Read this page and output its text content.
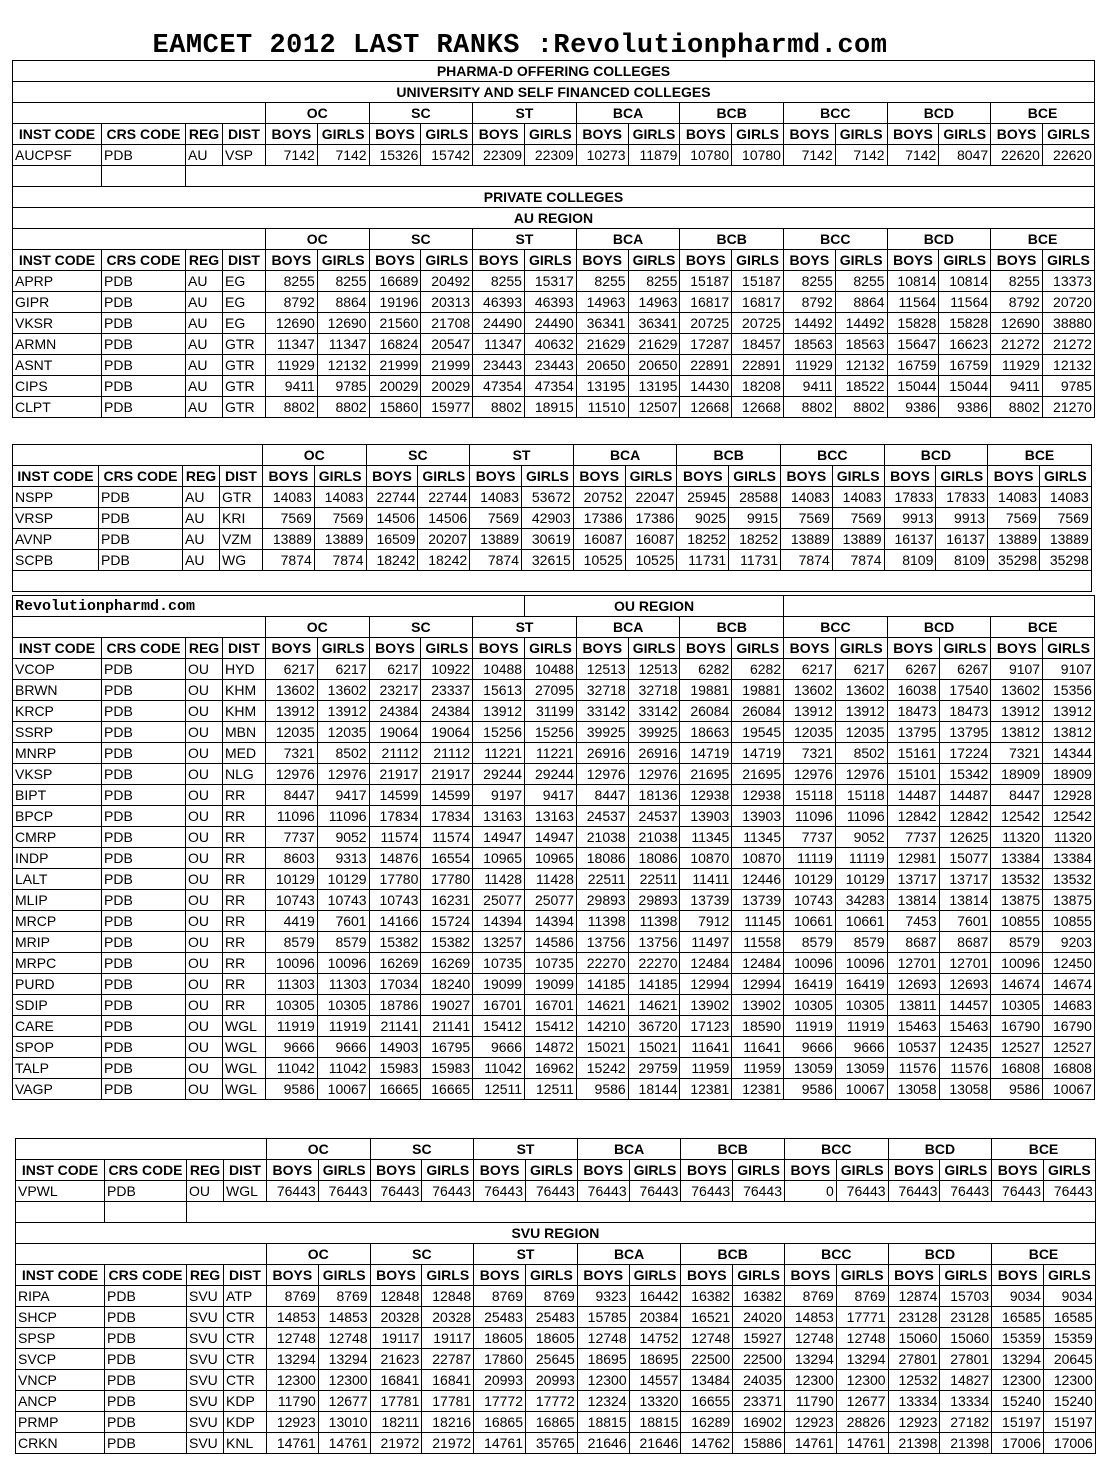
EAMCET 2012 LAST RANKS :Revolutionpharmd.com
PHARMA-D OFFERING COLLEGES																			
UNIVERSITY AND SELF FINANCED COLLEGES																			
				OC		SC		ST		BCA		BCB		BCC		BCD		BCE	
INST CODE	CRS CODE	REG	DIST	BOYS	GIRLS	BOYS	GIRLS	BOYS	GIRLS	BOYS	GIRLS	BOYS	GIRLS	BOYS	GIRLS	BOYS	GIRLS	BOYS	GIRLS
AUCPSF	PDB	AU	VSP	7142	7142	15326	15742	22309	22309	10273	11879	10780	10780	7142	7142	7142	8047	22620	22620

PRIVATE COLLEGES																			
AU REGION																			
				OC		SC		ST		BCA		BCB		BCC		BCD		BCE	
INST CODE	CRS CODE	REG	DIST	BOYS	GIRLS	BOYS	GIRLS	BOYS	GIRLS	BOYS	GIRLS	BOYS	GIRLS	BOYS	GIRLS	BOYS	GIRLS	BOYS	GIRLS
APRP	PDB	AU	EG	8255	8255	16689	20492	8255	15317	8255	8255	15187	15187	8255	8255	10814	10814	8255	13373
GIPR	PDB	AU	EG	8792	8864	19196	20313	46393	46393	14963	14963	16817	16817	8792	8864	11564	11564	8792	20720
VKSR	PDB	AU	EG	12690	12690	21560	21708	24490	24490	36341	36341	20725	20725	14492	14492	15828	15828	12690	38880
ARMN	PDB	AU	GTR	11347	11347	16824	20547	11347	40632	21629	21629	17287	18457	18563	18563	15647	16623	21272	21272
ASNT	PDB	AU	GTR	11929	12132	21999	21999	23443	23443	20650	20650	22891	22891	11929	12132	16759	16759	11929	12132
CIPS	PDB	AU	GTR	9411	9785	20029	20029	47354	47354	13195	13195	14430	18208	9411	18522	15044	15044	9411	9785
CLPT	PDB	AU	GTR	8802	8802	15860	15977	8802	18915	11510	12507	12668	12668	8802	8802	9386	9386	8802	21270
				OC		SC		ST		BCA		BCB		BCC		BCD		BCE	
INST CODE	CRS CODE	REG	DIST	BOYS	GIRLS	BOYS	GIRLS	BOYS	GIRLS	BOYS	GIRLS	BOYS	GIRLS	BOYS	GIRLS	BOYS	GIRLS	BOYS	GIRLS
NSPP	PDB	AU	GTR	14083	14083	22744	22744	14083	53672	20752	22047	25945	28588	14083	14083	17833	17833	14083	14083
VRSP	PDB	AU	KRI	7569	7569	14506	14506	7569	42903	17386	17386	9025	9915	7569	7569	9913	9913	7569	7569
AVNP	PDB	AU	VZM	13889	13889	16509	20207	13889	30619	16087	16087	18252	18252	13889	13889	16137	16137	13889	13889
SCPB	PDB	AU	WG	7874	7874	18242	18242	7874	32615	10525	10525	11731	11731	7874	7874	8109	8109	35298	35298

Revolutionpharmd.com									OU REGION										
				OC		SC		ST		BCA		BCB		BCC		BCD		BCE	
INST CODE	CRS CODE	REG	DIST	BOYS	GIRLS	BOYS	GIRLS	BOYS	GIRLS	BOYS	GIRLS	BOYS	GIRLS	BOYS	GIRLS	BOYS	GIRLS	BOYS	GIRLS
VCOP	PDB	OU	HYD	6217	6217	6217	10922	10488	10488	12513	12513	6282	6282	6217	6217	6267	6267	9107	9107
BRWN	PDB	OU	KHM	13602	13602	23217	23337	15613	27095	32718	32718	19881	19881	13602	13602	16038	17540	13602	15356
KRCP	PDB	OU	KHM	13912	13912	24384	24384	13912	31199	33142	33142	26084	26084	13912	13912	18473	18473	13912	13912
SSRP	PDB	OU	MBN	12035	12035	19064	19064	15256	15256	39925	39925	18663	19545	12035	12035	13795	13795	13812	13812
MNRP	PDB	OU	MED	7321	8502	21112	21112	11221	11221	26916	26916	14719	14719	7321	8502	15161	17224	7321	14344
VKSP	PDB	OU	NLG	12976	12976	21917	21917	29244	29244	12976	12976	21695	21695	12976	12976	15101	15342	18909	18909
BIPT	PDB	OU	RR	8447	9417	14599	14599	9197	9417	8447	18136	12938	12938	15118	15118	14487	14487	8447	12928
BPCP	PDB	OU	RR	11096	11096	17834	17834	13163	13163	24537	24537	13903	13903	11096	11096	12842	12842	12542	12542
CMRP	PDB	OU	RR	7737	9052	11574	11574	14947	14947	21038	21038	11345	11345	7737	9052	7737	12625	11320	11320
INDP	PDB	OU	RR	8603	9313	14876	16554	10965	10965	18086	18086	10870	10870	11119	11119	12981	15077	13384	13384
LALT	PDB	OU	RR	10129	10129	17780	17780	11428	11428	22511	22511	11411	12446	10129	10129	13717	13717	13532	13532
MLIP	PDB	OU	RR	10743	10743	10743	16231	25077	25077	29893	29893	13739	13739	10743	34283	13814	13814	13875	13875
MRCP	PDB	OU	RR	4419	7601	14166	15724	14394	14394	11398	11398	7912	11145	10661	10661	7453	7601	10855	10855
MRIP	PDB	OU	RR	8579	8579	15382	15382	13257	14586	13756	13756	11497	11558	8579	8579	8687	8687	8579	9203
MRPC	PDB	OU	RR	10096	10096	16269	16269	10735	10735	22270	22270	12484	12484	10096	10096	12701	12701	10096	12450
PURD	PDB	OU	RR	11303	11303	17034	18240	19099	19099	14185	14185	12994	12994	16419	16419	12693	12693	14674	14674
SDIP	PDB	OU	RR	10305	10305	18786	19027	16701	16701	14621	14621	13902	13902	10305	10305	13811	14457	10305	14683
CARE	PDB	OU	WGL	11919	11919	21141	21141	15412	15412	14210	36720	17123	18590	11919	11919	15463	15463	16790	16790
SPOP	PDB	OU	WGL	9666	9666	14903	16795	9666	14872	15021	15021	11641	11641	9666	9666	10537	12435	12527	12527
TALP	PDB	OU	WGL	11042	11042	15983	15983	11042	16962	15242	29759	11959	11959	13059	13059	11576	11576	16808	16808
VAGP	PDB	OU	WGL	9586	10067	16665	16665	12511	12511	9586	18144	12381	12381	9586	10067	13058	13058	9586	10067
				OC		SC		ST		BCA		BCB		BCC		BCD		BCE	
INST CODE	CRS CODE	REG	DIST	BOYS	GIRLS	BOYS	GIRLS	BOYS	GIRLS	BOYS	GIRLS	BOYS	GIRLS	BOYS	GIRLS	BOYS	GIRLS	BOYS	GIRLS
VPWL	PDB	OU	WGL	76443	76443	76443	76443	76443	76443	76443	76443	76443	76443	0	76443	76443	76443	76443	76443

SVU REGION																			
				OC		SC		ST		BCA		BCB		BCC		BCD		BCE	
INST CODE	CRS CODE	REG	DIST	BOYS	GIRLS	BOYS	GIRLS	BOYS	GIRLS	BOYS	GIRLS	BOYS	GIRLS	BOYS	GIRLS	BOYS	GIRLS	BOYS	GIRLS
RIPA	PDB	SVU	ATP	8769	8769	12848	12848	8769	8769	9323	16442	16382	16382	8769	8769	12874	15703	9034	9034
SHCP	PDB	SVU	CTR	14853	14853	20328	20328	25483	25483	15785	20384	16521	24020	14853	17771	23128	23128	16585	16585
SPSP	PDB	SVU	CTR	12748	12748	19117	19117	18605	18605	12748	14752	12748	15927	12748	12748	15060	15060	15359	15359
SVCP	PDB	SVU	CTR	13294	13294	21623	22787	17860	25645	18695	18695	22500	22500	13294	13294	27801	27801	13294	20645
VNCP	PDB	SVU	CTR	12300	12300	16841	16841	20993	20993	12300	14557	13484	24035	12300	12300	12532	14827	12300	12300
ANCP	PDB	SVU	KDP	11790	12677	17781	17781	17772	17772	12324	13320	16655	23371	11790	12677	13334	13334	15240	15240
PRMP	PDB	SVU	KDP	12923	13010	18211	18216	16865	16865	18815	18815	16289	16902	12923	28826	12923	27182	15197	15197
CRKN	PDB	SVU	KNL	14761	14761	21972	21972	14761	35765	21646	21646	14762	15886	14761	14761	21398	21398	17006	17006
